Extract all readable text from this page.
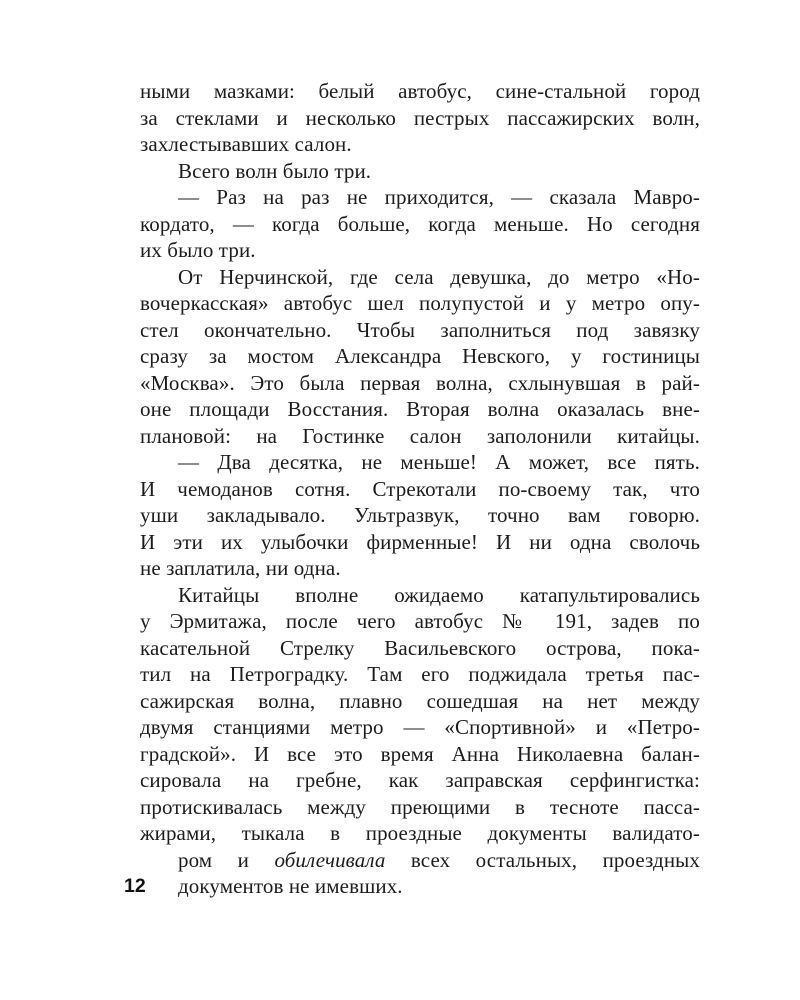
ными мазками: белый автобус, сине-стальной город
за стеклами и несколько пестрых пассажирских волн,
захлестывавших салон.
Всего волн было три.
— Раз на раз не приходится, — сказала Мавро-
кордато, — когда больше, когда меньше. Но сегодня
их было три.
От Нерчинской, где села девушка, до метро «Но-
вочеркасская» автобус шел полупустой и у метро опу-
стел окончательно. Чтобы заполниться под завязку
сразу за мостом Александра Невского, у гостиницы
«Москва». Это была первая волна, схлынувшая в рай-
оне площади Восстания. Вторая волна оказалась вне-
плановой: на Гостинке салон заполонили китайцы.
— Два десятка, не меньше! А может, все пять.
И чемоданов сотня. Стрекотали по-своему так, что
уши закладывало. Ультразвук, точно вам говорю.
И эти их улыбочки фирменные! И ни одна сволочь
не заплатила, ни одна.
Китайцы вполне ожидаемо катапультировались
у Эрмитажа, после чего автобус № 191, задев по
касательной Стрелку Васильевского острова, пока-
тил на Петроградку. Там его поджидала третья пас-
сажирская волна, плавно сошедшая на нет между
двумя станциями метро — «Спортивной» и «Петро-
градской». И все это время Анна Николаевна балан-
сировала на гребне, как заправская серфингистка:
протискивалась между преющими в тесноте пасса-
жирами, тыкала в проездные документы валидато-
ром и обилечивала всех остальных, проездных
документов не имевших.
12
